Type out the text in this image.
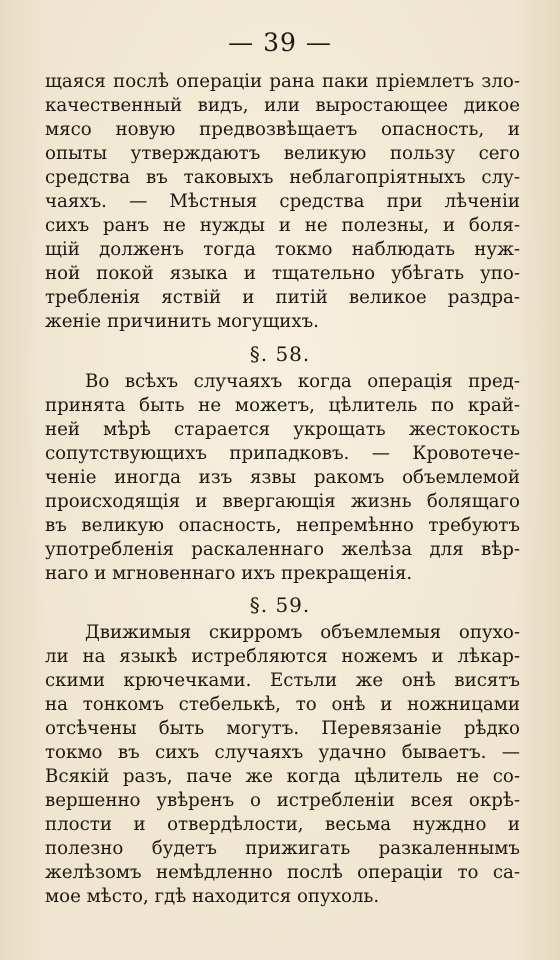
— 39 —
щаяся послѣ операціи рана паки пріемлетъ зло-
качественный видъ, или выростающее дикое
мясо новую предвозвѣщаетъ опасность, и
опыты утверждаютъ великую пользу сего
средства въ таковыхъ неблагопріятныхъ слу-
чаяхъ. — Мѣстныя средства при лѣченіи
сихъ ранъ не нужды и не полезны, и боля-
щій долженъ тогда токмо наблюдать нуж-
ной покой языка и тщательно убѣгать упо-
требленія яствій и питій великое раздра-
женіе причинить могущихъ.
§. 58.
Во всѣхъ случаяхъ когда операція пред-
принята быть не можетъ, цѣлитель по край-
ней мѣрѣ старается укрощать жестокость
сопутствующихъ припадковъ. — Кровотече-
ченіе иногда изъ язвы ракомъ объемлемой
происходящія и ввергающія жизнь болящаго
въ великую опасность, непремѣнно требуютъ
употребленія раскаленнаго желѣза для вѣр-
наго и мгновеннаго ихъ прекращенія.
§. 59.
Движимыя скирромъ объемлемыя опухо-
ли на языкѣ истребляются ножемъ и лѣкар-
скими крючечками. Естьли же онѣ висятъ
на тонкомъ стебелькѣ, то онѣ и ножницами
отсѣчены быть могутъ. Перевязаніе рѣдко
токмо въ сихъ случаяхъ удачно бываетъ. —
Всякій разъ, паче же когда цѣлитель не со-
вершенно увѣренъ о истребленіи всея окрѣ-
плости и отвердѣлости, весьма нуждно и
полезно будетъ прижигать разкаленнымъ
желѣзомъ немѣдленно послѣ операціи то са-
мое мѣсто, гдѣ находится опухоль.
